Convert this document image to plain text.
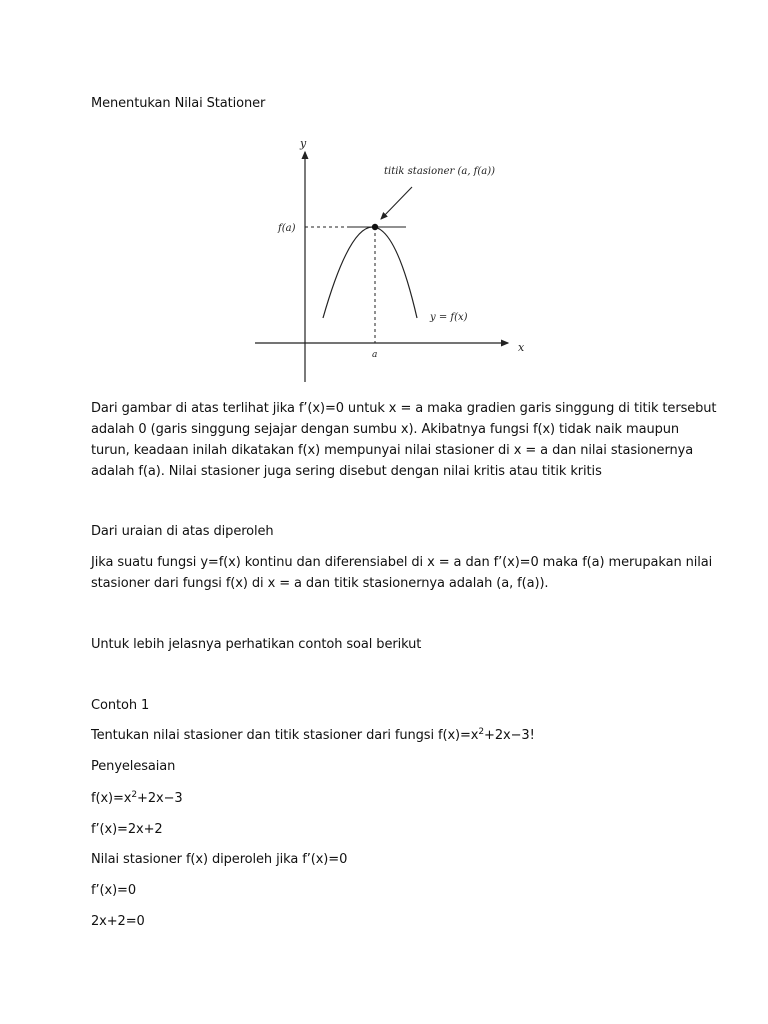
Menentukan Nilai Stationer
y
x
f(a)
a
titik stasioner (a, f(a))
y = f(x)
Dari gambar di atas terlihat jika f’(x)=0 untuk x = a maka gradien garis singgung di titik tersebut
adalah 0 (garis singgung sejajar dengan sumbu x). Akibatnya fungsi f(x) tidak naik maupun
turun, keadaan inilah dikatakan f(x) mempunyai nilai stasioner di x = a dan nilai stasionernya
adalah f(a). Nilai stasioner juga sering disebut dengan nilai kritis atau titik kritis
Dari uraian di atas diperoleh
Jika suatu fungsi y=f(x) kontinu dan diferensiabel di x = a dan f’(x)=0 maka f(a) merupakan nilai
stasioner dari fungsi f(x) di x = a dan titik stasionernya adalah (a, f(a)).
Untuk lebih jelasnya perhatikan contoh soal berikut
Contoh 1
Tentukan nilai stasioner dan titik stasioner dari fungsi $f(x)=x^2+2x-3$!
Penyelesaian
$f(x)=x^2+2x-3$
f’(x)=2x+2
Nilai stasioner f(x) diperoleh jika f’(x)=0
f’(x)=0
2x+2=0
